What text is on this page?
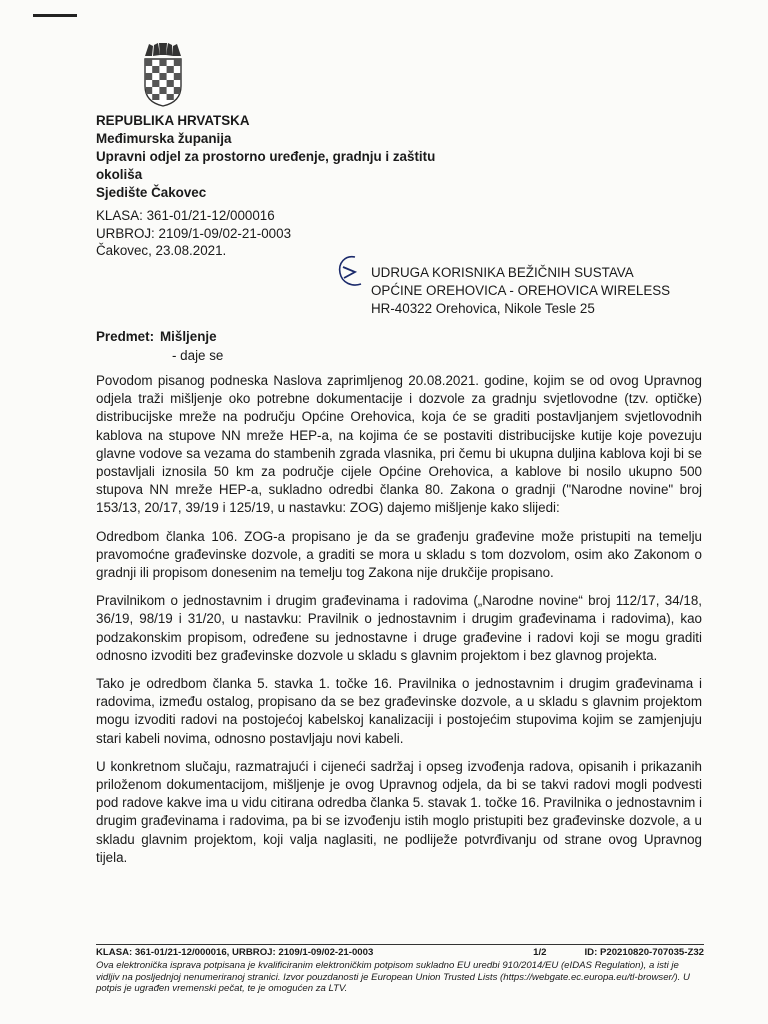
REPUBLIKA HRVATSKA
Međimurska županija
Upravni odjel za prostorno uređenje, gradnju i zaštitu
okoliša
Sjedište Čakovec
KLASA: 361-01/21-12/000016
URBROJ: 2109/1-09/02-21-0003
Čakovec, 23.08.2021.
UDRUGA KORISNIKA BEŽIČNIH SUSTAVA
OPĆINE OREHOVICA - OREHOVICA WIRELESS
HR-40322 Orehovica, Nikole Tesle 25
Predmet: Mišljenje
- daje se

Povodom pisanog podneska Naslova zaprimljenog 20.08.2021. godine, kojim se od ovog Upravnog odjela traži mišljenje oko potrebne dokumentacije i dozvole za gradnju svjetlovodne (tzv. optičke) distribucijske mreže na području Općine Orehovica, koja će se graditi postavljanjem svjetlovodnih kablova na stupove NN mreže HEP-a, na kojima će se postaviti distribucijske kutije koje povezuju glavne vodove sa vezama do stambenih zgrada vlasnika, pri čemu bi ukupna duljina kablova koji bi se postavljali iznosila 50 km za područje cijele Općine Orehovica, a kablove bi nosilo ukupno 500 stupova NN mreže HEP-a, sukladno odredbi članka 80. Zakona o gradnji ("Narodne novine" broj 153/13, 20/17, 39/19 i 125/19, u nastavku: ZOG) dajemo mišljenje kako slijedi:

Odredbom članka 106. ZOG-a propisano je da se građenju građevine može pristupiti na temelju pravomoćne građevinske dozvole, a graditi se mora u skladu s tom dozvolom, osim ako Zakonom o gradnji ili propisom donesenim na temelju tog Zakona nije drukčije propisano.

Pravilnikom o jednostavnim i drugim građevinama i radovima („Narodne novine“ broj 112/17, 34/18, 36/19, 98/19 i 31/20, u nastavku: Pravilnik o jednostavnim i drugim građevinama i radovima), kao podzakonskim propisom, određene su jednostavne i druge građevine i radovi koji se mogu graditi odnosno izvoditi bez građevinske dozvole u skladu s glavnim projektom i bez glavnog projekta.

Tako je odredbom članka 5. stavka 1. točke 16. Pravilnika o jednostavnim i drugim građevinama i radovima, između ostalog, propisano da se bez građevinske dozvole, a u skladu s glavnim projektom mogu izvoditi radovi na postojećoj kabelskoj kanalizaciji i postojećim stupovima kojim se zamjenjuju stari kabeli novima, odnosno postavljaju novi kabeli.

U konkretnom slučaju, razmatrajući i cijeneći sadržaj i opseg izvođenja radova, opisanih i prikazanih priloženom dokumentacijom, mišljenje je ovog Upravnog odjela, da bi se takvi radovi mogli podvesti pod radove kakve ima u vidu citirana odredba članka 5. stavak 1. točke 16. Pravilnika o jednostavnim i drugim građevinama i radovima, pa bi se izvođenju istih moglo pristupiti bez građevinske dozvole, a u skladu glavnim projektom, koji valja naglasiti, ne podliježe potvrđivanju od strane ovog Upravnog tijela.

KLASA: 361-01/21-12/000016, URBROJ: 2109/1-09/02-21-0003	1/2	ID: P20210820-707035-Z32
Ova elektronička isprava potpisana je kvalificiranim elektroničkim potpisom sukladno EU uredbi 910/2014/EU (eIDAS Regulation), a isti je vidljiv na posljednjoj nenumeriranoj stranici. Izvor pouzdanosti je European Union Trusted Lists (https://webgate.ec.europa.eu/tl-browser/). U potpis je ugrađen vremenski pečat, te je omogućen za LTV.
